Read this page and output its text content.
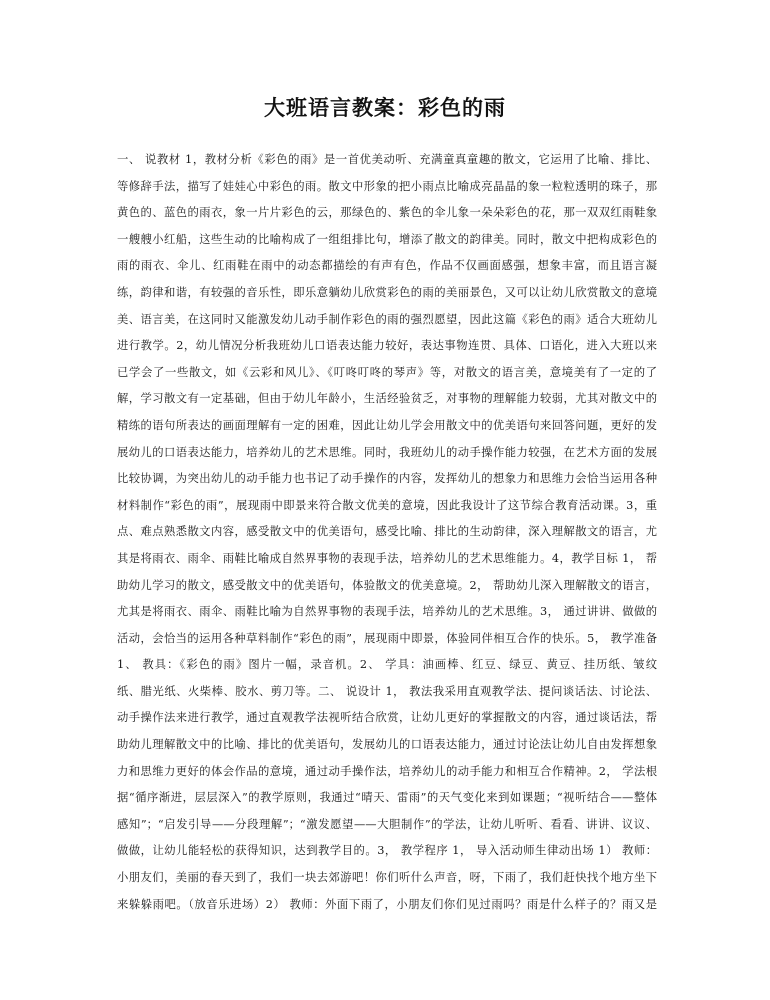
大班语言教案：彩色的雨
一、 说教材 1，教材分析《彩色的雨》是一首优美动听、充满童真童趣的散文，它运用了比喻、排比、
等修辞手法，描写了娃娃心中彩色的雨。散文中形象的把小雨点比喻成亮晶晶的象一粒粒透明的珠子，那
黄色的、蓝色的雨衣，象一片片彩色的云，那绿色的、紫色的伞儿象一朵朵彩色的花，那一双双红雨鞋象
一艘艘小红船，这些生动的比喻构成了一组组排比句，增添了散文的韵律美。同时，散文中把构成彩色的
雨的雨衣、伞儿、红雨鞋在雨中的动态都描绘的有声有色，作品不仅画面感强，想象丰富，而且语言凝
练，韵律和谐，有较强的音乐性，即乐意躺幼儿欣赏彩色的雨的美丽景色，又可以让幼儿欣赏散文的意境
美、语言美，在这同时又能激发幼儿动手制作彩色的雨的强烈愿望，因此这篇《彩色的雨》适合大班幼儿
进行教学。2，幼儿情况分析我班幼儿口语表达能力较好，表达事物连贯、具体、口语化，进入大班以来
已学会了一些散文，如《云彩和风儿》、《叮咚叮咚的琴声》等，对散文的语言美，意境美有了一定的了
解，学习散文有一定基础，但由于幼儿年龄小，生活经验贫乏，对事物的理解能力较弱，尤其对散文中的
精练的语句所表达的画面理解有一定的困难，因此让幼儿学会用散文中的优美语句来回答问题，更好的发
展幼儿的口语表达能力，培养幼儿的艺术思维。同时，我班幼儿的动手操作能力较强，在艺术方面的发展
比较协调，为突出幼儿的动手能力也书记了动手操作的内容，发挥幼儿的想象力和思维力会恰当运用各种
材料制作“彩色的雨”，展现雨中即景来符合散文优美的意境，因此我设计了这节综合教育活动课。3，重
点、难点熟悉散文内容，感受散文中的优美语句，感受比喻、排比的生动韵律，深入理解散文的语言，尤
其是将雨衣、雨伞、雨鞋比喻成自然界事物的表现手法，培养幼儿的艺术思维能力。4，教学目标 1， 帮
助幼儿学习的散文，感受散文中的优美语句，体验散文的优美意境。2， 帮助幼儿深入理解散文的语言，
尤其是将雨衣、雨伞、雨鞋比喻为自然界事物的表现手法，培养幼儿的艺术思维。3， 通过讲讲、做做的
活动，会恰当的运用各种草料制作“彩色的雨”，展现雨中即景，体验同伴相互合作的快乐。5， 教学准备
1、 教具：《彩色的雨》图片一幅，录音机。2、 学具：油画棒、红豆、绿豆、黄豆、挂历纸、皱纹
纸、腊光纸、火柴棒、胶水、剪刀等。二、 说设计 1， 教法我采用直观教学法、提问谈话法、讨论法、
动手操作法来进行教学，通过直观教学法视听结合欣赏，让幼儿更好的掌握散文的内容，通过谈话法，帮
助幼儿理解散文中的比喻、排比的优美语句，发展幼儿的口语表达能力，通过讨论法让幼儿自由发挥想象
力和思维力更好的体会作品的意境，通过动手操作法，培养幼儿的动手能力和相互合作精神。2， 学法根
据“循序渐进，层层深入”的教学原则，我通过“晴天、雷雨”的天气变化来到如课题；“视听结合——整体
感知”；“启发引导——分段理解”；“激发愿望——大胆制作”的学法，让幼儿听听、看看、讲讲、议议、
做做，让幼儿能轻松的获得知识，达到教学目的。3， 教学程序 1， 导入活动师生律动出场 1） 教师：
小朋友们，美丽的春天到了，我们一块去郊游吧！你们听什么声音，呀，下雨了，我们赶快找个地方坐下
来躲躲雨吧。（放音乐进场）2） 教师：外面下雨了，小朋友们你们见过雨吗？雨是什么样子的？雨又是
